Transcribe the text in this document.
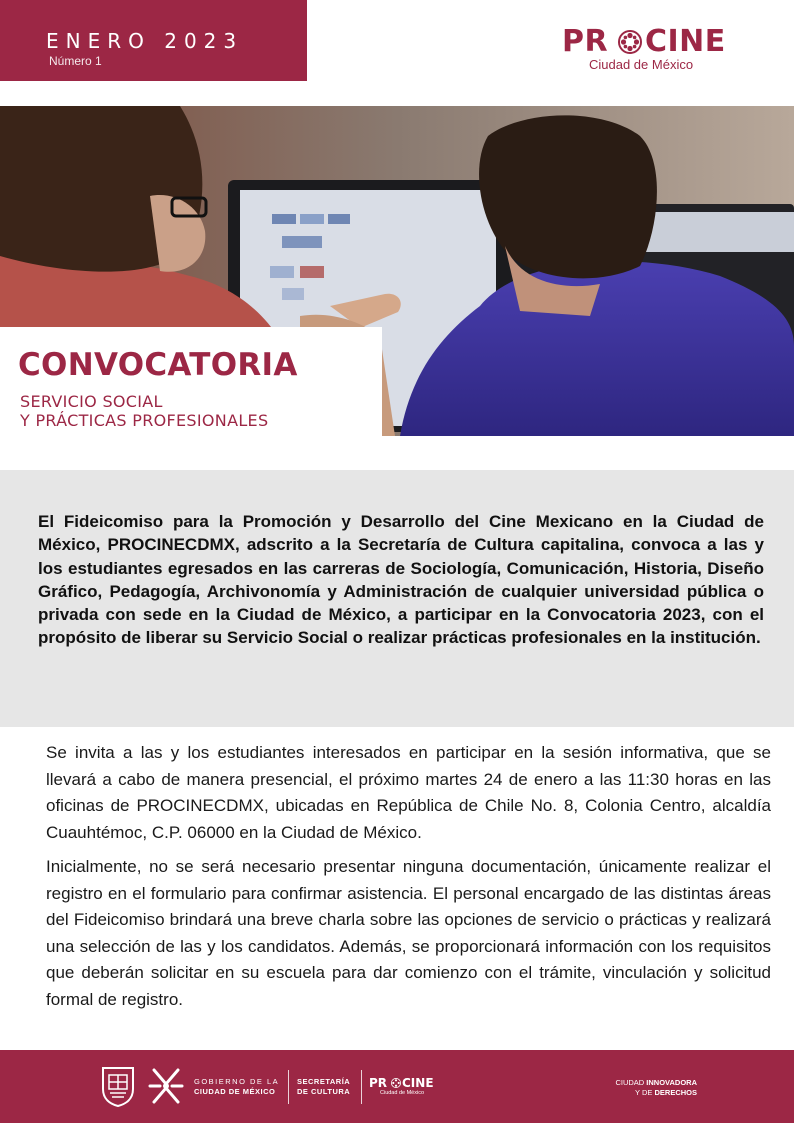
ENERO 2023
Número 1
PR CINE
Ciudad de México
CONVOCATORIA
SERVICIO SOCIAL
Y PRÁCTICAS PROFESIONALES

El Fideicomiso para la Promoción y Desarrollo del Cine Mexicano en la Ciudad de México, PROCINECDMX, adscrito a la Secretaría de Cultura capitalina, convoca a las y los estudiantes egresados en las carreras de Sociología, Comunicación, Historia, Diseño Gráfico, Pedagogía, Archivonomía y Administración de cualquier universidad pública o privada con sede en la Ciudad de México, a participar en la Convocatoria 2023, con el propósito de liberar su Servicio Social o realizar prácticas profesionales en la institución.

Se invita a las y los estudiantes interesados en participar en la sesión informativa, que se llevará a cabo de manera presencial, el próximo martes 24 de enero a las 11:30 horas en las oficinas de PROCINECDMX, ubicadas en República de Chile No. 8, Colonia Centro, alcaldía Cuauhtémoc, C.P. 06000 en la Ciudad de México.

Inicialmente, no se será necesario presentar ninguna documentación, únicamente realizar el registro en el formulario para confirmar asistencia. El personal encargado de las distintas áreas del Fideicomiso brindará una breve charla sobre las opciones de servicio o prácticas y realizará una selección de las y los candidatos. Además, se proporcionará información con los requisitos que deberán solicitar en su escuela para dar comienzo con el trámite, vinculación y solicitud formal de registro.

GOBIERNO DE LA
CIUDAD DE MÉXICO
SECRETARÍA
DE CULTURA
PR CINE
Ciudad de México
CIUDAD INNOVADORA
Y DE DERECHOS
